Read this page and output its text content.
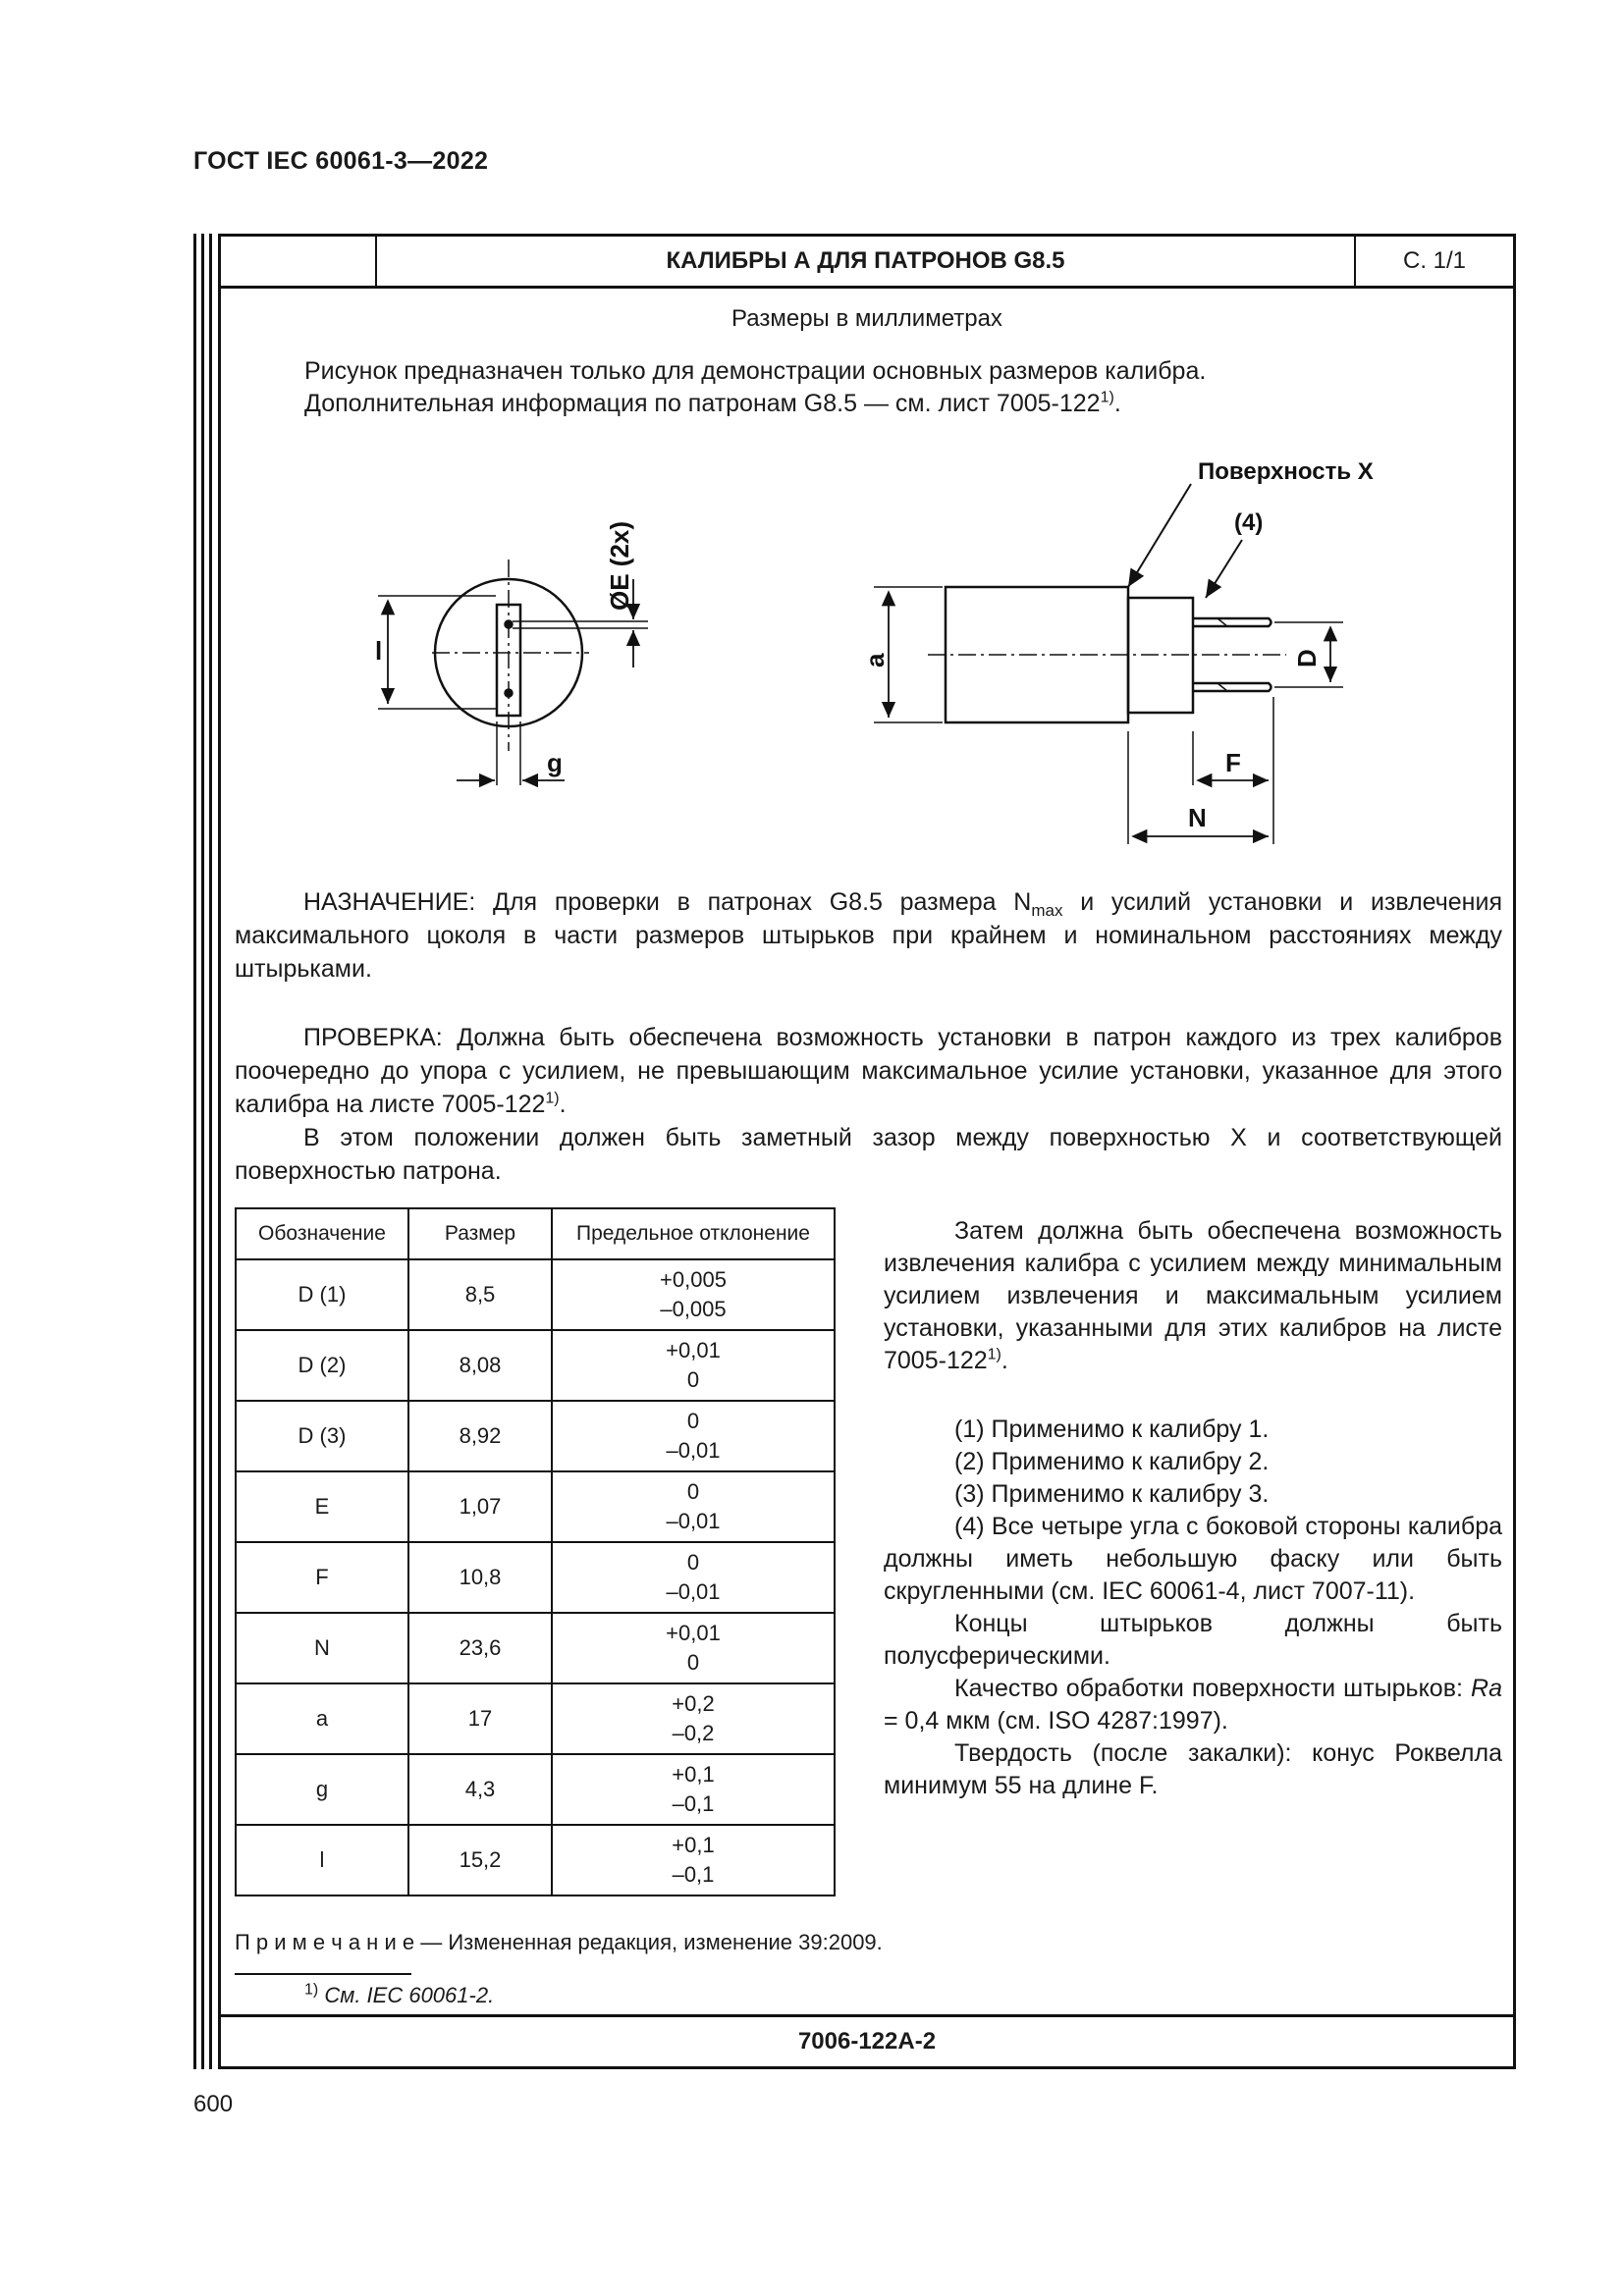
ГОСТ IEC 60061-3—2022
КАЛИБРЫ А ДЛЯ ПАТРОНОВ G8.5	С. 1/1
7006-122A-2
Размеры в миллиметрах
Рисунок предназначен только для демонстрации основных размеров калибра.
Дополнительная информация по патронам G8.5 — см. лист 7005-122$^{1)}$.
l
g
ØE (2x)
a	D
F
N
Поверхность X
(4)
НАЗНАЧЕНИЕ: Для проверки в патронах G8.5 размера $N_{max}$ и усилий установки и извлечения максимального цоколя в части размеров штырьков при крайнем и номинальном расстояниях между штырьками.
ПРОВЕРКА: Должна быть обеспечена возможность установки в патрон каждого из трех калибров поочередно до упора с усилием, не превышающим максимальное усилие установки, указанное для этого калибра на листе 7005-122$^{1)}$.
В этом положении должен быть заметный зазор между поверхностью X и соответствующей поверхностью патрона.
Обозначение	Размер	Предельное отклонение
D (1)	8,5	+0,005
–0,005

D (2)	8,08	+0,01
0

D (3)	8,92	0
–0,01

E	1,07	0
–0,01

F	10,8	0
–0,01

N	23,6	+0,01
0

a	17	+0,2
–0,2

g	4,3	+0,1
–0,1

l	15,2	+0,1
–0,1
Затем должна быть обеспечена возможность извлечения калибра с усилием между минимальным усилием извлечения и максимальным усилием установки, указанными для этих калибров на листе 7005-122$^{1)}$.
(1) Применимо к калибру 1.
(2) Применимо к калибру 2.
(3) Применимо к калибру 3.
(4) Все четыре угла с боковой стороны калибра должны иметь небольшую фаску или быть скругленными (см. IEC 60061-4, лист 7007-11).
Концы штырьков должны быть полусферическими.
Качество обработки поверхности штырьков: Ra = 0,4 мкм (см. ISO 4287:1997).
Твердость (после закалки): конус Роквелла минимум 55 на длине F.
П р и м е ч а н и е — Измененная редакция, изменение 39:2009.
$^{1)}$ См. IEC 60061-2.
600
